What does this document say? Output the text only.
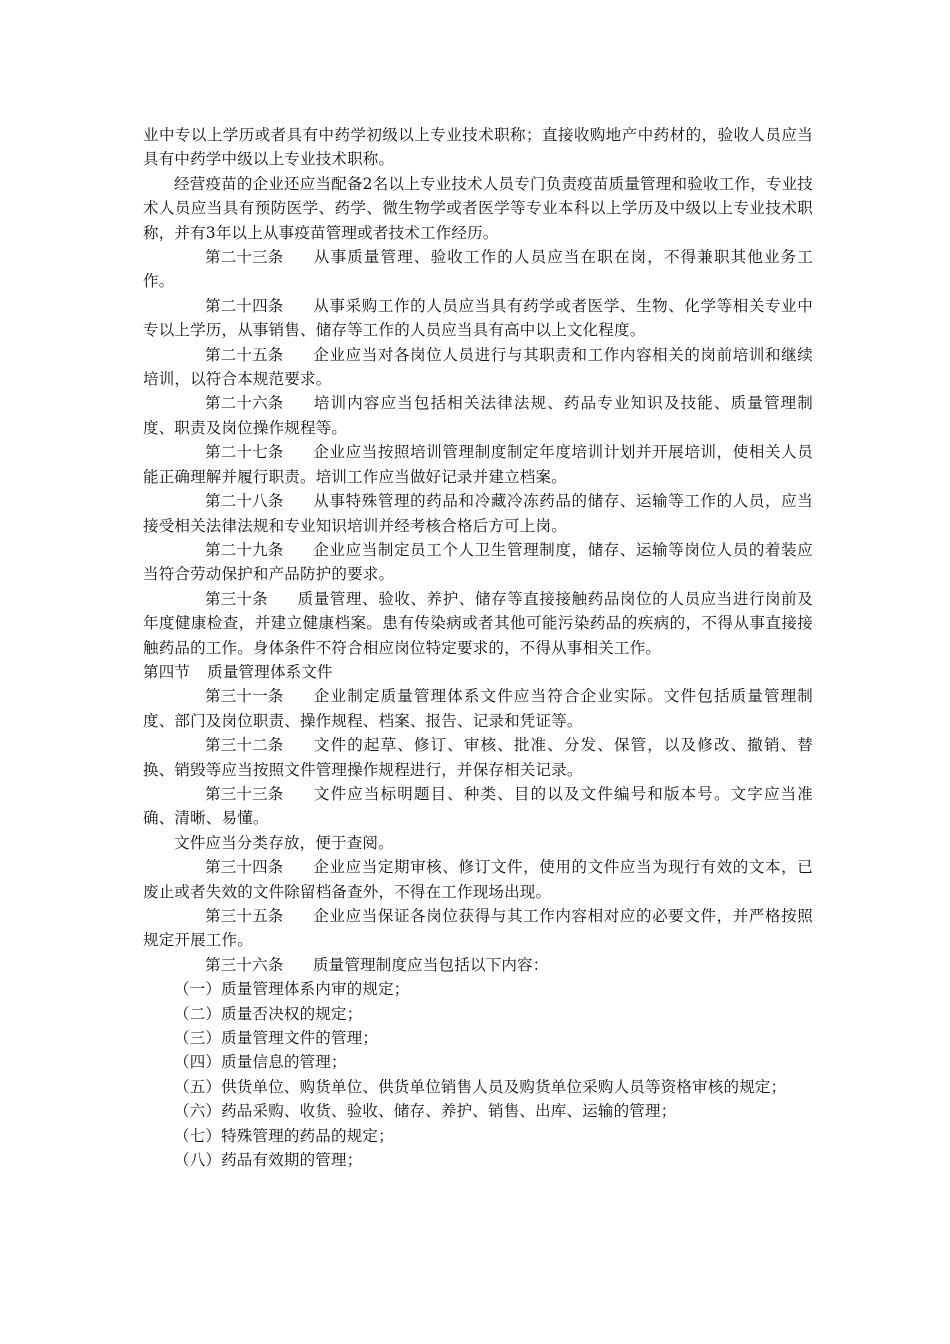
业中专以上学历或者具有中药学初级以上专业技术职称；直接收购地产中药材的，验收人员应当具有中药学中级以上专业技术职称。

经营疫苗的企业还应当配备2名以上专业技术人员专门负责疫苗质量管理和验收工作，专业技术人员应当具有预防医学、药学、微生物学或者医学等专业本科以上学历及中级以上专业技术职称，并有3年以上从事疫苗管理或者技术工作经历。

第二十三条 从事质量管理、验收工作的人员应当在职在岗，不得兼职其他业务工作。

第二十四条 从事采购工作的人员应当具有药学或者医学、生物、化学等相关专业中专以上学历，从事销售、储存等工作的人员应当具有高中以上文化程度。

第二十五条 企业应当对各岗位人员进行与其职责和工作内容相关的岗前培训和继续培训，以符合本规范要求。

第二十六条 培训内容应当包括相关法律法规、药品专业知识及技能、质量管理制度、职责及岗位操作规程等。

第二十七条 企业应当按照培训管理制度制定年度培训计划并开展培训，使相关人员能正确理解并履行职责。培训工作应当做好记录并建立档案。

第二十八条 从事特殊管理的药品和冷藏冷冻药品的储存、运输等工作的人员，应当接受相关法律法规和专业知识培训并经考核合格后方可上岗。

第二十九条 企业应当制定员工个人卫生管理制度，储存、运输等岗位人员的着装应当符合劳动保护和产品防护的要求。

第三十条 质量管理、验收、养护、储存等直接接触药品岗位的人员应当进行岗前及年度健康检查，并建立健康档案。患有传染病或者其他可能污染药品的疾病的，不得从事直接接触药品的工作。身体条件不符合相应岗位特定要求的，不得从事相关工作。

第四节 质量管理体系文件

第三十一条 企业制定质量管理体系文件应当符合企业实际。文件包括质量管理制度、部门及岗位职责、操作规程、档案、报告、记录和凭证等。

第三十二条 文件的起草、修订、审核、批准、分发、保管，以及修改、撤销、替换、销毁等应当按照文件管理操作规程进行，并保存相关记录。

第三十三条 文件应当标明题目、种类、目的以及文件编号和版本号。文字应当准确、清晰、易懂。

文件应当分类存放，便于查阅。

第三十四条 企业应当定期审核、修订文件，使用的文件应当为现行有效的文本，已废止或者失效的文件除留档备查外，不得在工作现场出现。

第三十五条 企业应当保证各岗位获得与其工作内容相对应的必要文件，并严格按照规定开展工作。

第三十六条 质量管理制度应当包括以下内容：

（一）质量管理体系内审的规定；

（二）质量否决权的规定；

（三）质量管理文件的管理；

（四）质量信息的管理；

（五）供货单位、购货单位、供货单位销售人员及购货单位采购人员等资格审核的规定；

（六）药品采购、收货、验收、储存、养护、销售、出库、运输的管理；

（七）特殊管理的药品的规定；

（八）药品有效期的管理；
